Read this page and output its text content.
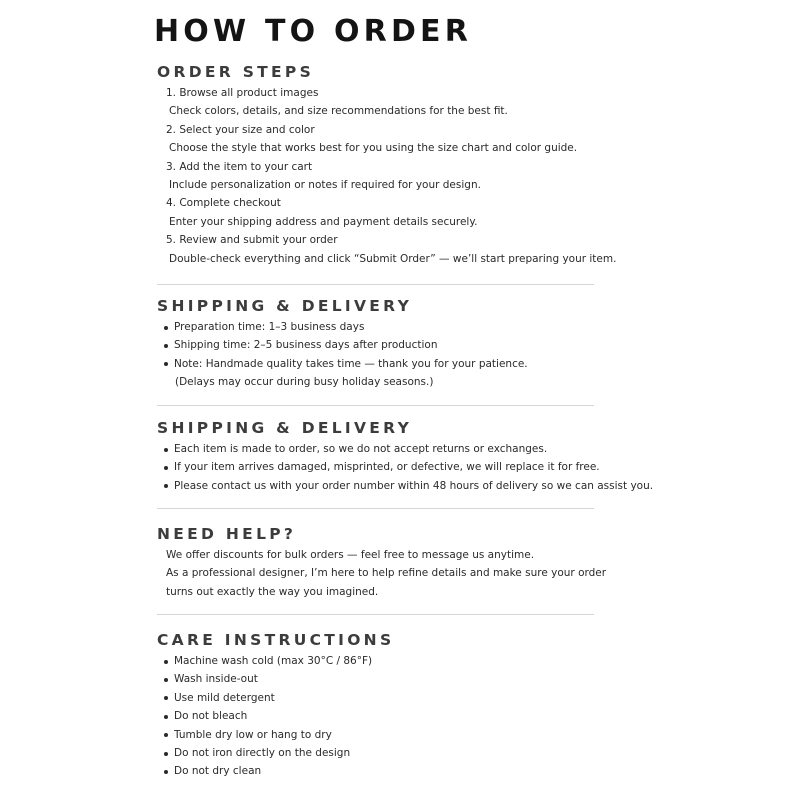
HOW TO ORDER
ORDER STEPS
1. Browse all product images
Check colors, details, and size recommendations for the best fit.
2. Select your size and color
Choose the style that works best for you using the size chart and color guide.
3. Add the item to your cart
Include personalization or notes if required for your design.
4. Complete checkout
Enter your shipping address and payment details securely.
5. Review and submit your order
Double-check everything and click “Submit Order” — we’ll start preparing your item.
SHIPPING & DELIVERY
Preparation time: 1–3 business days
Shipping time: 2–5 business days after production
Note: Handmade quality takes time — thank you for your patience.
(Delays may occur during busy holiday seasons.)
SHIPPING & DELIVERY
Each item is made to order, so we do not accept returns or exchanges.
If your item arrives damaged, misprinted, or defective, we will replace it for free.
Please contact us with your order number within 48 hours of delivery so we can assist you.
NEED HELP?
We offer discounts for bulk orders — feel free to message us anytime.
As a professional designer, I’m here to help refine details and make sure your order
turns out exactly the way you imagined.
CARE INSTRUCTIONS
Machine wash cold (max 30°C / 86°F)
Wash inside-out
Use mild detergent
Do not bleach
Tumble dry low or hang to dry
Do not iron directly on the design
Do not dry clean
